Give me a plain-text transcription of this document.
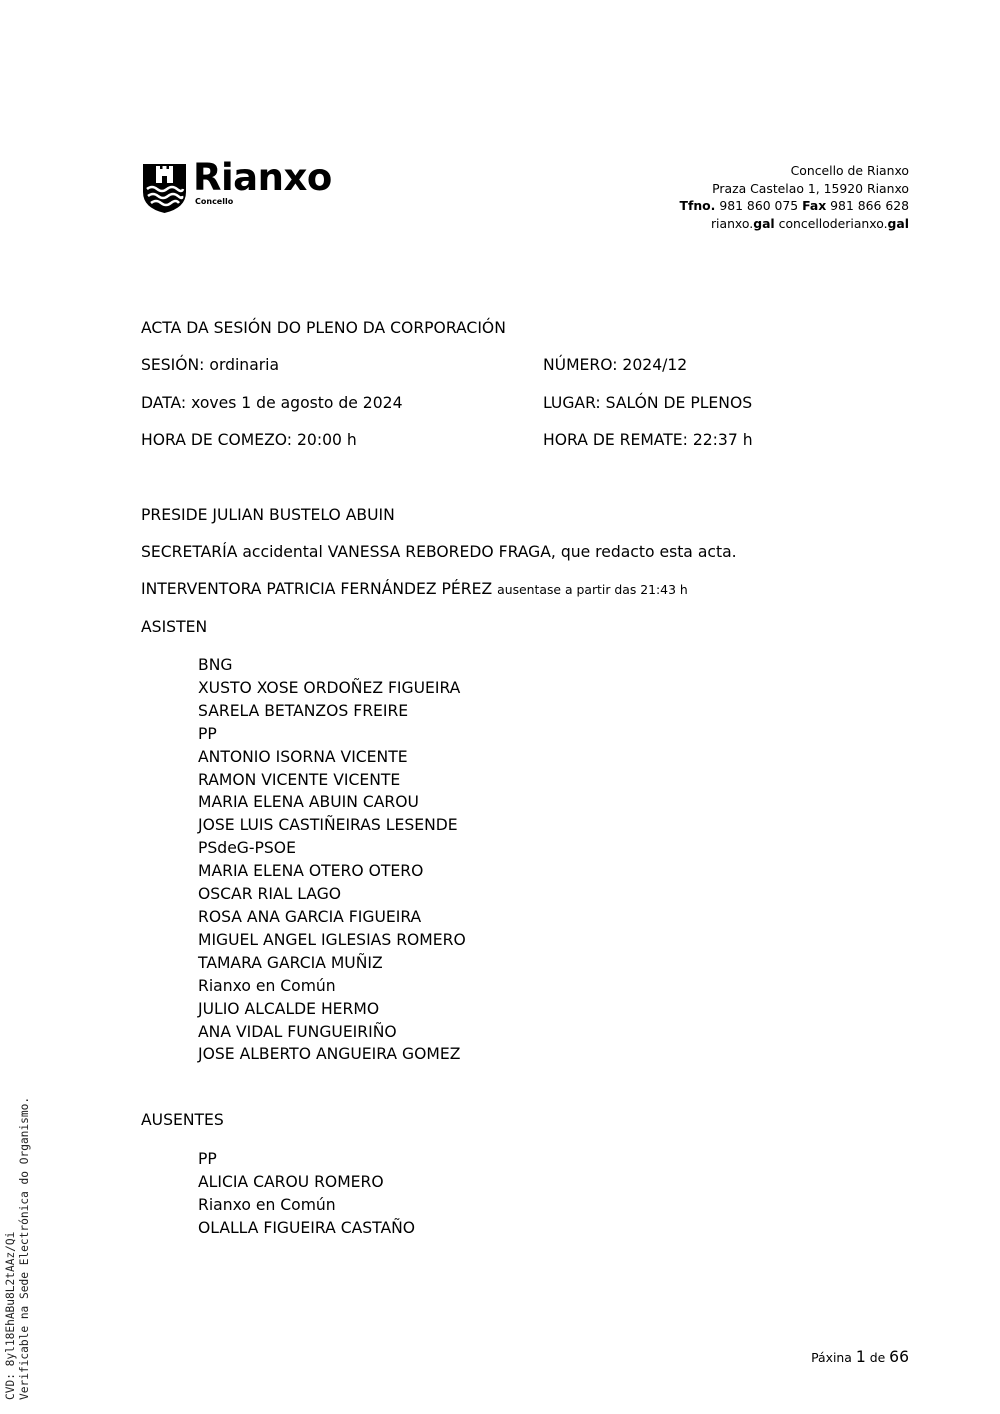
Rianxo
Concello
Concello de Rianxo
Praza Castelao 1, 15920 Rianxo
Tfno. 981 860 075 Fax 981 866 628
rianxo.gal concelloderianxo.gal
ACTA DA SESIÓN DO PLENO DA CORPORACIÓN
SESIÓN: ordinaria	NÚMERO: 2024/12
DATA: xoves 1 de agosto de 2024	LUGAR: SALÓN DE PLENOS
HORA DE COMEZO: 20:00 h	HORA DE REMATE: 22:37 h
PRESIDE JULIAN BUSTELO ABUIN
SECRETARÍA accidental VANESSA REBOREDO FRAGA, que redacto esta acta.
INTERVENTORA PATRICIA FERNÁNDEZ PÉREZ ausentase a partir das 21:43 h
ASISTEN
BNG
XUSTO XOSE ORDOÑEZ FIGUEIRA
SARELA BETANZOS FREIRE
PP
ANTONIO ISORNA VICENTE
RAMON VICENTE VICENTE
MARIA ELENA ABUIN CAROU
JOSE LUIS CASTIÑEIRAS LESENDE
PSdeG-PSOE
MARIA ELENA OTERO OTERO
OSCAR RIAL LAGO
ROSA ANA GARCIA FIGUEIRA
MIGUEL ANGEL IGLESIAS ROMERO
TAMARA GARCIA MUÑIZ
Rianxo en Común
JULIO ALCALDE HERMO
ANA VIDAL FUNGUEIRIÑO
JOSE ALBERTO ANGUEIRA GOMEZ
AUSENTES
PP
ALICIA CAROU ROMERO
Rianxo en Común
OLALLA FIGUEIRA CASTAÑO
CVD: 8yl18EhABu8L2tAAz/Qi Verificable na Sede Electrónica do Organismo.	Páxina 1 de 66
